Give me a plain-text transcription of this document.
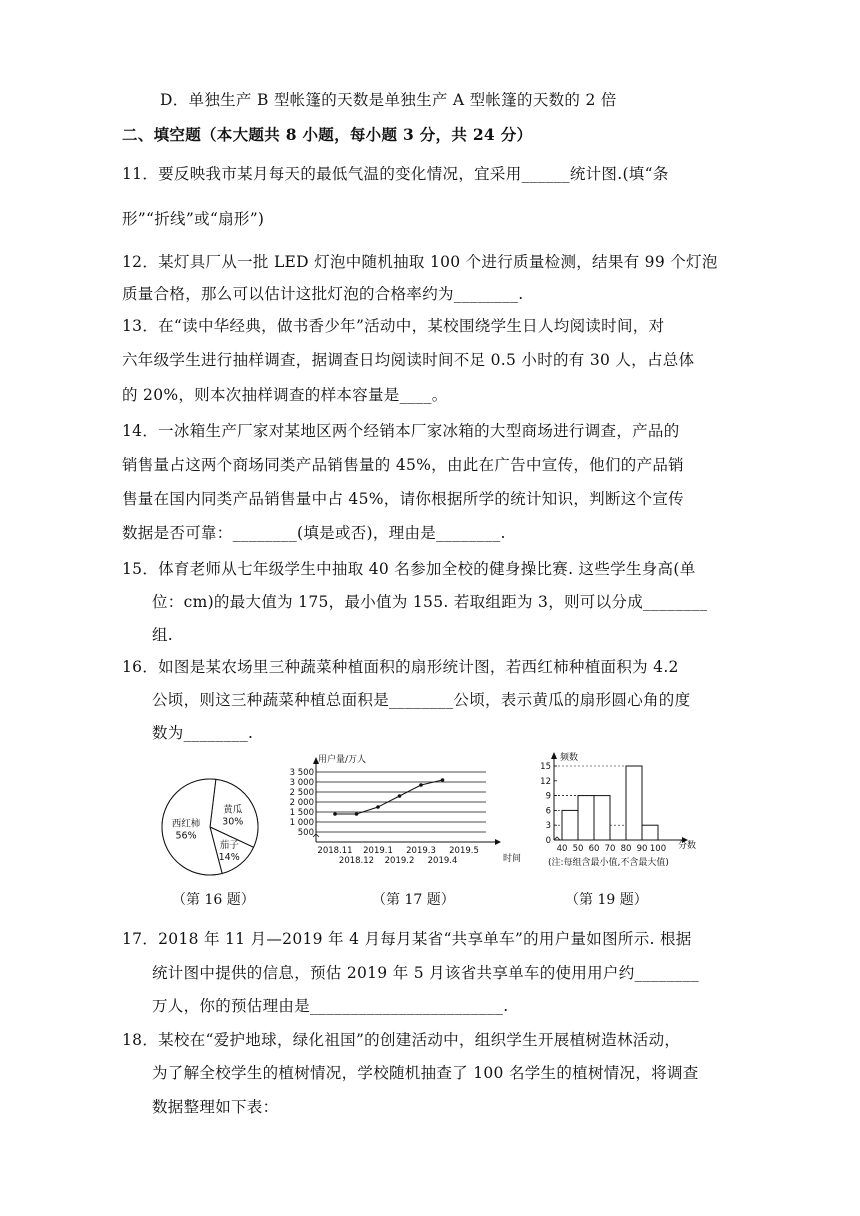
D．单独生产 B 型帐篷的天数是单独生产 A 型帐篷的天数的 2 倍
二、填空题（本大题共 8 小题，每小题 3 分，共 24 分）
11．要反映我市某月每天的最低气温的变化情况，宜采用______统计图.(填“条
形”“折线”或“扇形”)
12．某灯具厂从一批 LED 灯泡中随机抽取 100 个进行质量检测，结果有 99 个灯泡
质量合格，那么可以估计这批灯泡的合格率约为________.
13．在“读中华经典，做书香少年”活动中，某校围绕学生日人均阅读时间，对
六年级学生进行抽样调查，据调查日均阅读时间不足 0.5 小时的有 30 人，占总体
的 20%，则本次抽样调查的样本容量是____。
14．一冰箱生产厂家对某地区两个经销本厂家冰箱的大型商场进行调查，产品的
销售量占这两个商场同类产品销售量的 45%，由此在广告中宣传，他们的产品销
售量在国内同类产品销售量中占 45%，请你根据所学的统计知识，判断这个宣传
数据是否可靠：________(填是或否)，理由是________.
15．体育老师从七年级学生中抽取 40 名参加全校的健身操比赛. 这些学生身高(单
位：cm)的最大值为 175，最小值为 155. 若取组距为 3，则可以分成________
组.
16．如图是某农场里三种蔬菜种植面积的扇形统计图，若西红柿种植面积为 4.2
公顷，则这三种蔬菜种植总面积是________公顷，表示黄瓜的扇形圆心角的度
数为________.
黄瓜
30%
茄子
14%
西红柿
56%	500
1 000
1 500
2 000
2 500
3 000
3 500
用户量/万人
时间
2018.11 2019.1 2019.3 2019.5
2018.12 2019.2 2019.4
频数
分数
0
3
6
9
12
15
40 50 60 70 80 90 100
(注:每组含最小值,不含最大值)
（第 16 题）	（第 17 题）	（第 19 题）
17．2018 年 11 月—2019 年 4 月每月某省“共享单车”的用户量如图所示. 根据
统计图中提供的信息，预估 2019 年 5 月该省共享单车的使用用户约________
万人，你的预估理由是________________________.
18．某校在“爱护地球，绿化祖国”的创建活动中，组织学生开展植树造林活动，
为了解全校学生的植树情况，学校随机抽查了 100 名学生的植树情况，将调查
数据整理如下表：
